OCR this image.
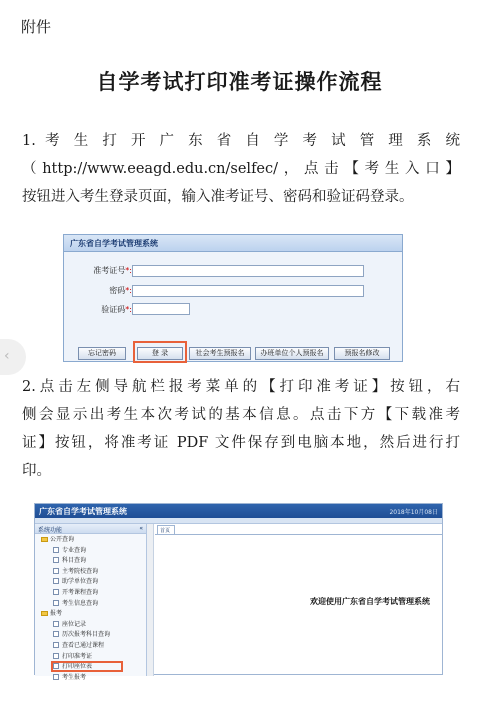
附件
自学考试打印准考证操作流程
1. 考 生 打 开 广 东 省 自 学 考 试 管 理 系 统
（http://www.eeagd.edu.cn/selfec/，点击【考生入口】
按钮进入考生登录页面，输入准考证号、密码和验证码登录。
广东省自学考试管理系统
准考证号*:
密码*:
验证码*:
忘记密码	登 录	社会考生预报名	办班单位个人预报名	预报名修改
‹
2.点击左侧导航栏报考菜单的【打印准考证】按钮，右
侧会显示出考生本次考试的基本信息。点击下方【下载准考
证】按钮，将准考证 PDF 文件保存到电脑本地，然后进行打
印。
广东省自学考试管理系统	2018年10月08日
系统功能	«
公开查询
专业查询
科目查询
主考院校查询
助学单位查询
开考课程查询
考生信息查询
报考
座位记录
历次报考科目查询
查看已通过课程
打印准考证
打印座位表
考生报考
首页
欢迎使用广东省自学考试管理系统
